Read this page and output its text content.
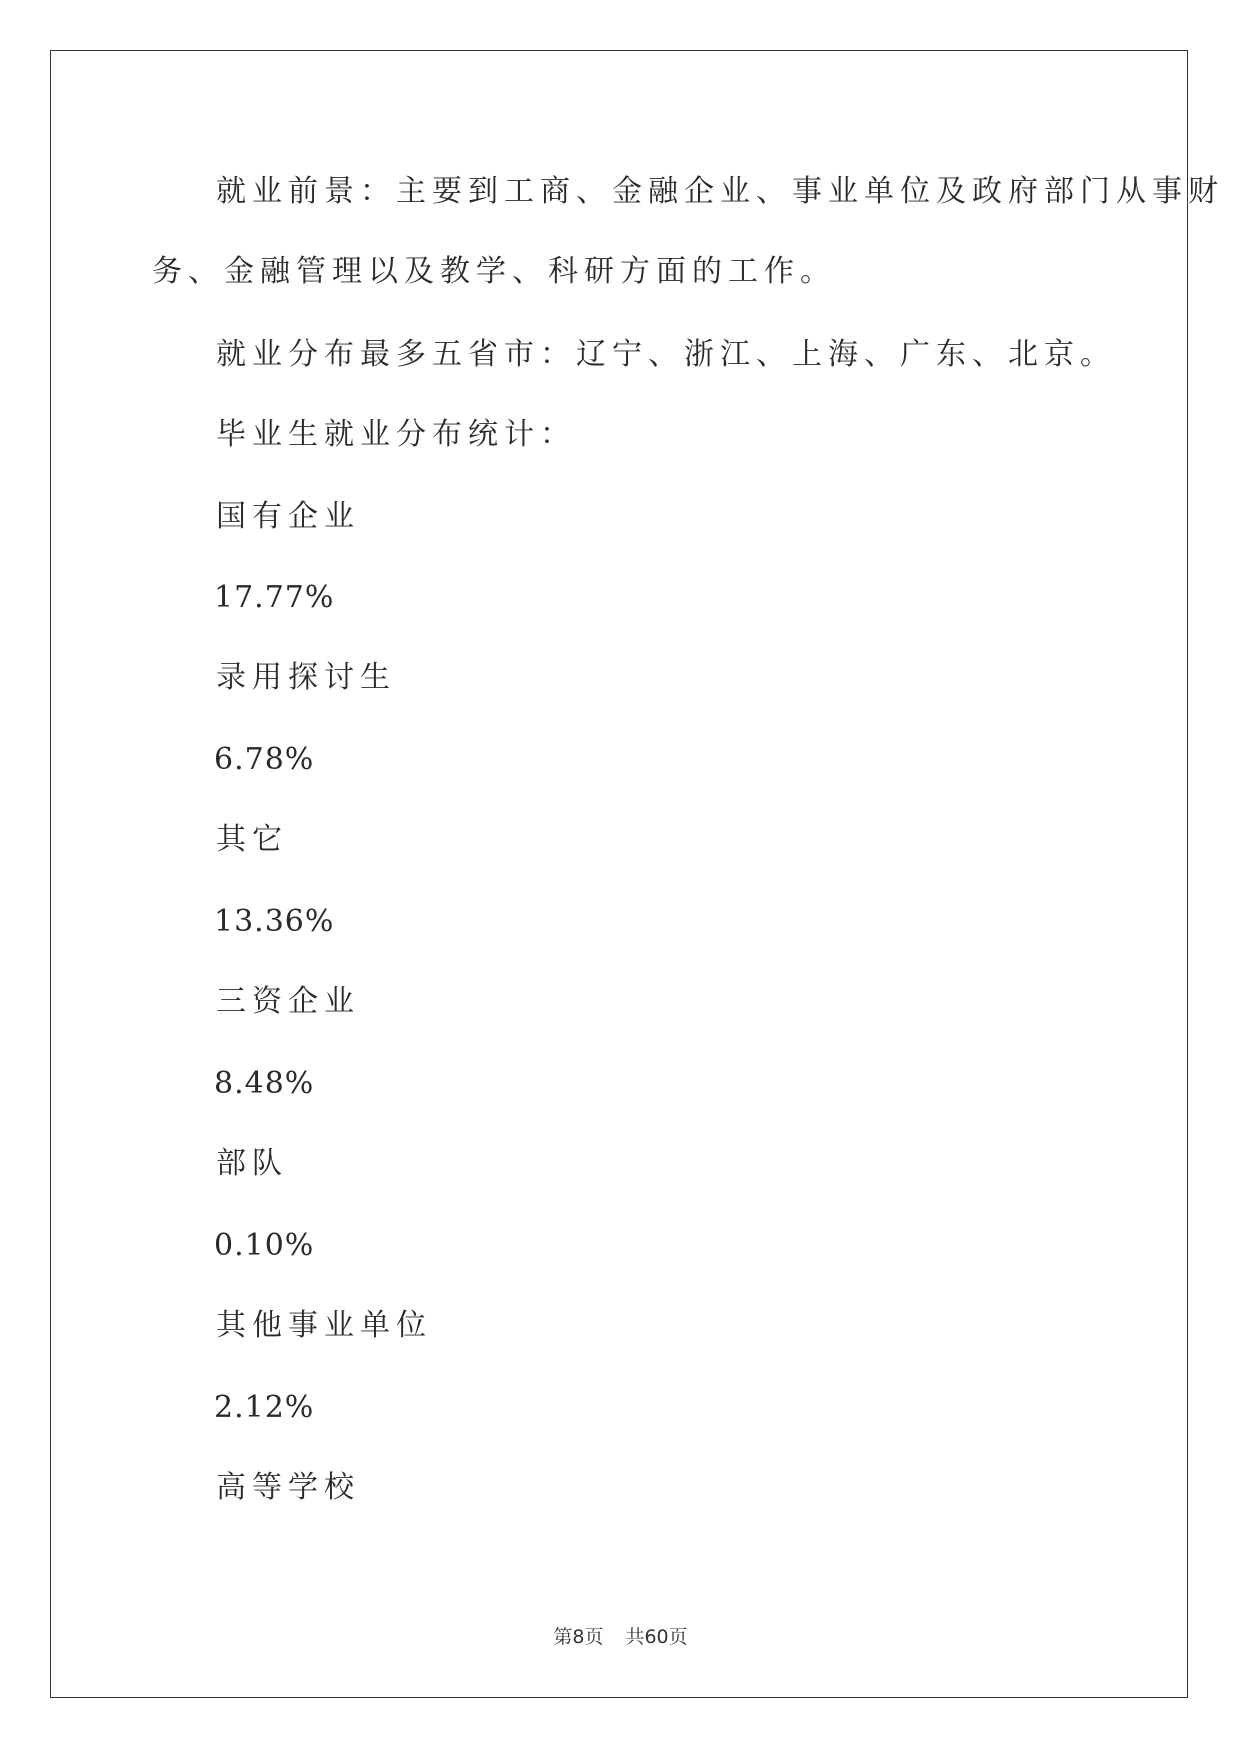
就业前景：主要到工商、金融企业、事业单位及政府部门从事财
务、金融管理以及教学、科研方面的工作。
就业分布最多五省市：辽宁、浙江、上海、广东、北京。
毕业生就业分布统计：
国有企业
17.77%
录用探讨生
6.78%
其它
13.36%
三资企业
8.48%
部队
0.10%
其他事业单位
2.12%
高等学校
第8页 共60页
